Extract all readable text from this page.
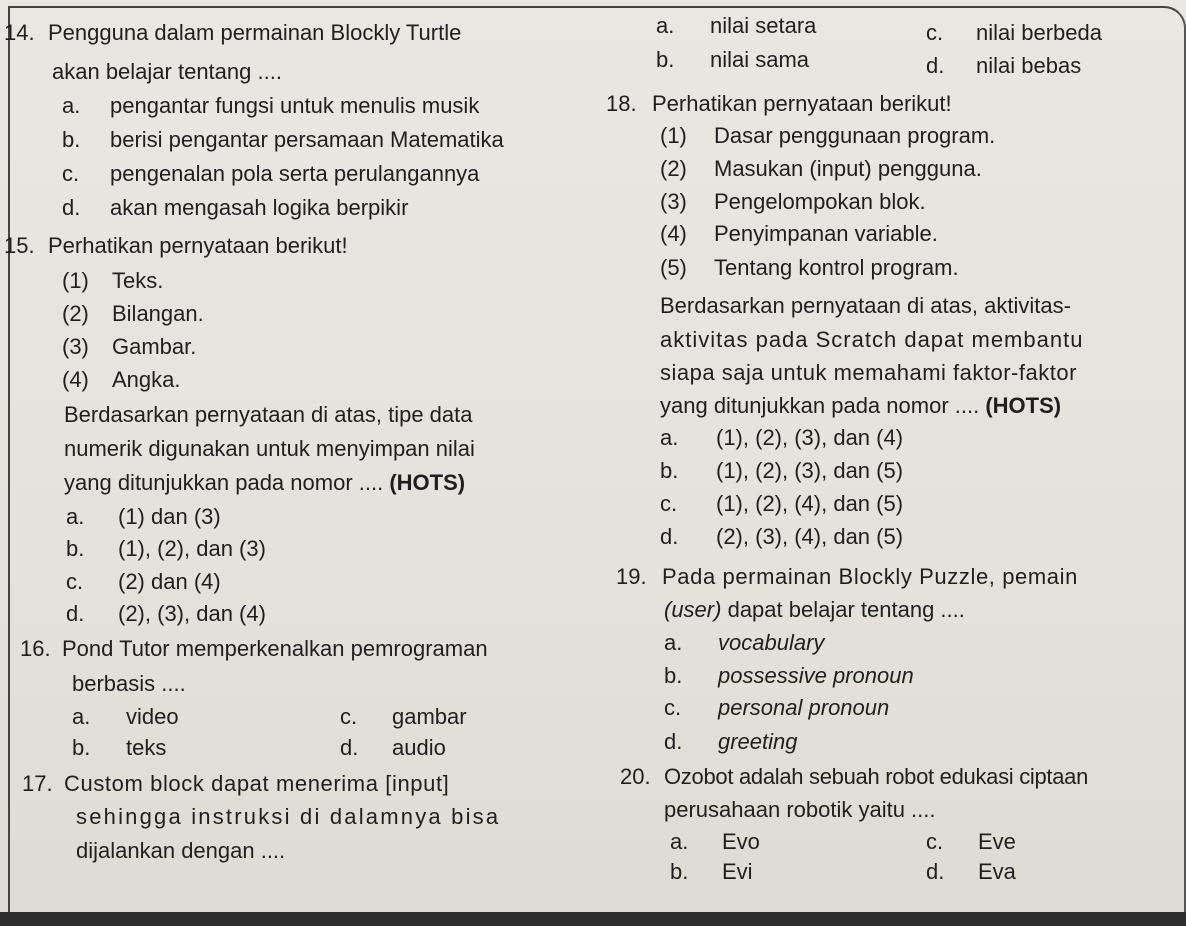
14. Pengguna dalam permainan Blockly Turtle
akan belajar tentang ....
a. pengantar fungsi untuk menulis musik
b. berisi pengantar persamaan Matematika
c. pengenalan pola serta perulangannya
d. akan mengasah logika berpikir
15. Perhatikan pernyataan berikut!
(1) Teks.
(2) Bilangan.
(3) Gambar.
(4) Angka.
Berdasarkan pernyataan di atas, tipe data
numerik digunakan untuk menyimpan nilai
yang ditunjukkan pada nomor .... (HOTS)
a. (1) dan (3)
b. (1), (2), dan (3)
c. (2) dan (4)
d. (2), (3), dan (4)
16. Pond Tutor memperkenalkan pemrograman
berbasis ....
a. video
b. teks
c. gambar
d. audio
17. Custom block dapat menerima [input]
sehingga instruksi di dalamnya bisa
dijalankan dengan ....
a. nilai setara
b. nilai sama
c. nilai berbeda
d. nilai bebas
18. Perhatikan pernyataan berikut!
(1) Dasar penggunaan program.
(2) Masukan (input) pengguna.
(3) Pengelompokan blok.
(4) Penyimpanan variable.
(5) Tentang kontrol program.
Berdasarkan pernyataan di atas, aktivitas-
aktivitas pada Scratch dapat membantu
siapa saja untuk memahami faktor-faktor
yang ditunjukkan pada nomor .... (HOTS)
a. (1), (2), (3), dan (4)
b. (1), (2), (3), dan (5)
c. (1), (2), (4), dan (5)
d. (2), (3), (4), dan (5)
19. Pada permainan Blockly Puzzle, pemain
(user) dapat belajar tentang ....
a. vocabulary
b. possessive pronoun
c. personal pronoun
d. greeting
20. Ozobot adalah sebuah robot edukasi ciptaan
perusahaan robotik yaitu ....
a. Evo
b. Evi
c. Eve
d. Eva
